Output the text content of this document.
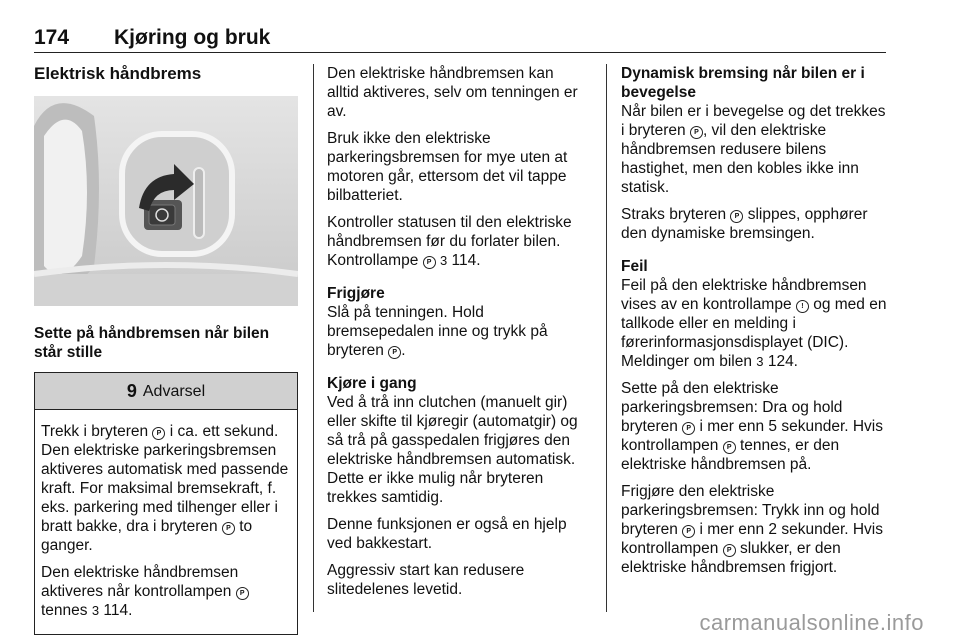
174 Kjøring og bruk
Elektrisk håndbrems
Sette på håndbremsen når bilen står stille
9 Advarsel

Trekk i bryteren P i ca. ett sekund. Den elektriske parkeringsbremsen aktiveres automatisk med passende kraft. For maksimal bremsekraft, f. eks. parkering med tilhenger eller i bratt bakke, dra i bryteren P to ganger.

Den elektriske håndbremsen aktiveres når kontrollampen P tennes 3 114.

Den elektriske håndbremsen kan alltid aktiveres, selv om tenningen er av.

Bruk ikke den elektriske parkeringsbremsen for mye uten at motoren går, ettersom det vil tappe bilbatteriet.

Kontroller statusen til den elektriske håndbremsen før du forlater bilen. Kontrollampe P 3 114.
Frigjøre
Slå på tenningen. Hold bremsepedalen inne og trykk på bryteren P .
Kjøre i gang

Ved å trå inn clutchen (manuelt gir) eller skifte til kjøregir (automatgir) og så trå på gasspedalen frigjøres den elektriske håndbremsen automatisk. Dette er ikke mulig når bryteren trekkes samtidig.

Denne funksjonen er også en hjelp ved bakkestart.

Aggressiv start kan redusere slitedelenes levetid.

Dynamisk bremsing når bilen er i bevegelse

Når bilen er i bevegelse og det trekkes i bryteren P , vil den elektriske håndbremsen redusere bilens hastighet, men den kobles ikke inn statisk.

Straks bryteren P slippes, opphører den dynamiske bremsingen.
Feil

Feil på den elektriske håndbremsen vises av en kontrollampe ! og med en tallkode eller en melding i førerinformasjonsdisplayet (DIC). Meldinger om bilen 3 124.

Sette på den elektriske parkeringsbremsen: Dra og hold bryteren P i mer enn 5 sekunder. Hvis kontrollampen P tennes, er den elektriske håndbremsen på.

Frigjøre den elektriske parkeringsbremsen: Trykk inn og hold bryteren P i mer enn 2 sekunder. Hvis kontrollampen P slukker, er den elektriske håndbremsen frigjort.

carmanualsonline.info
